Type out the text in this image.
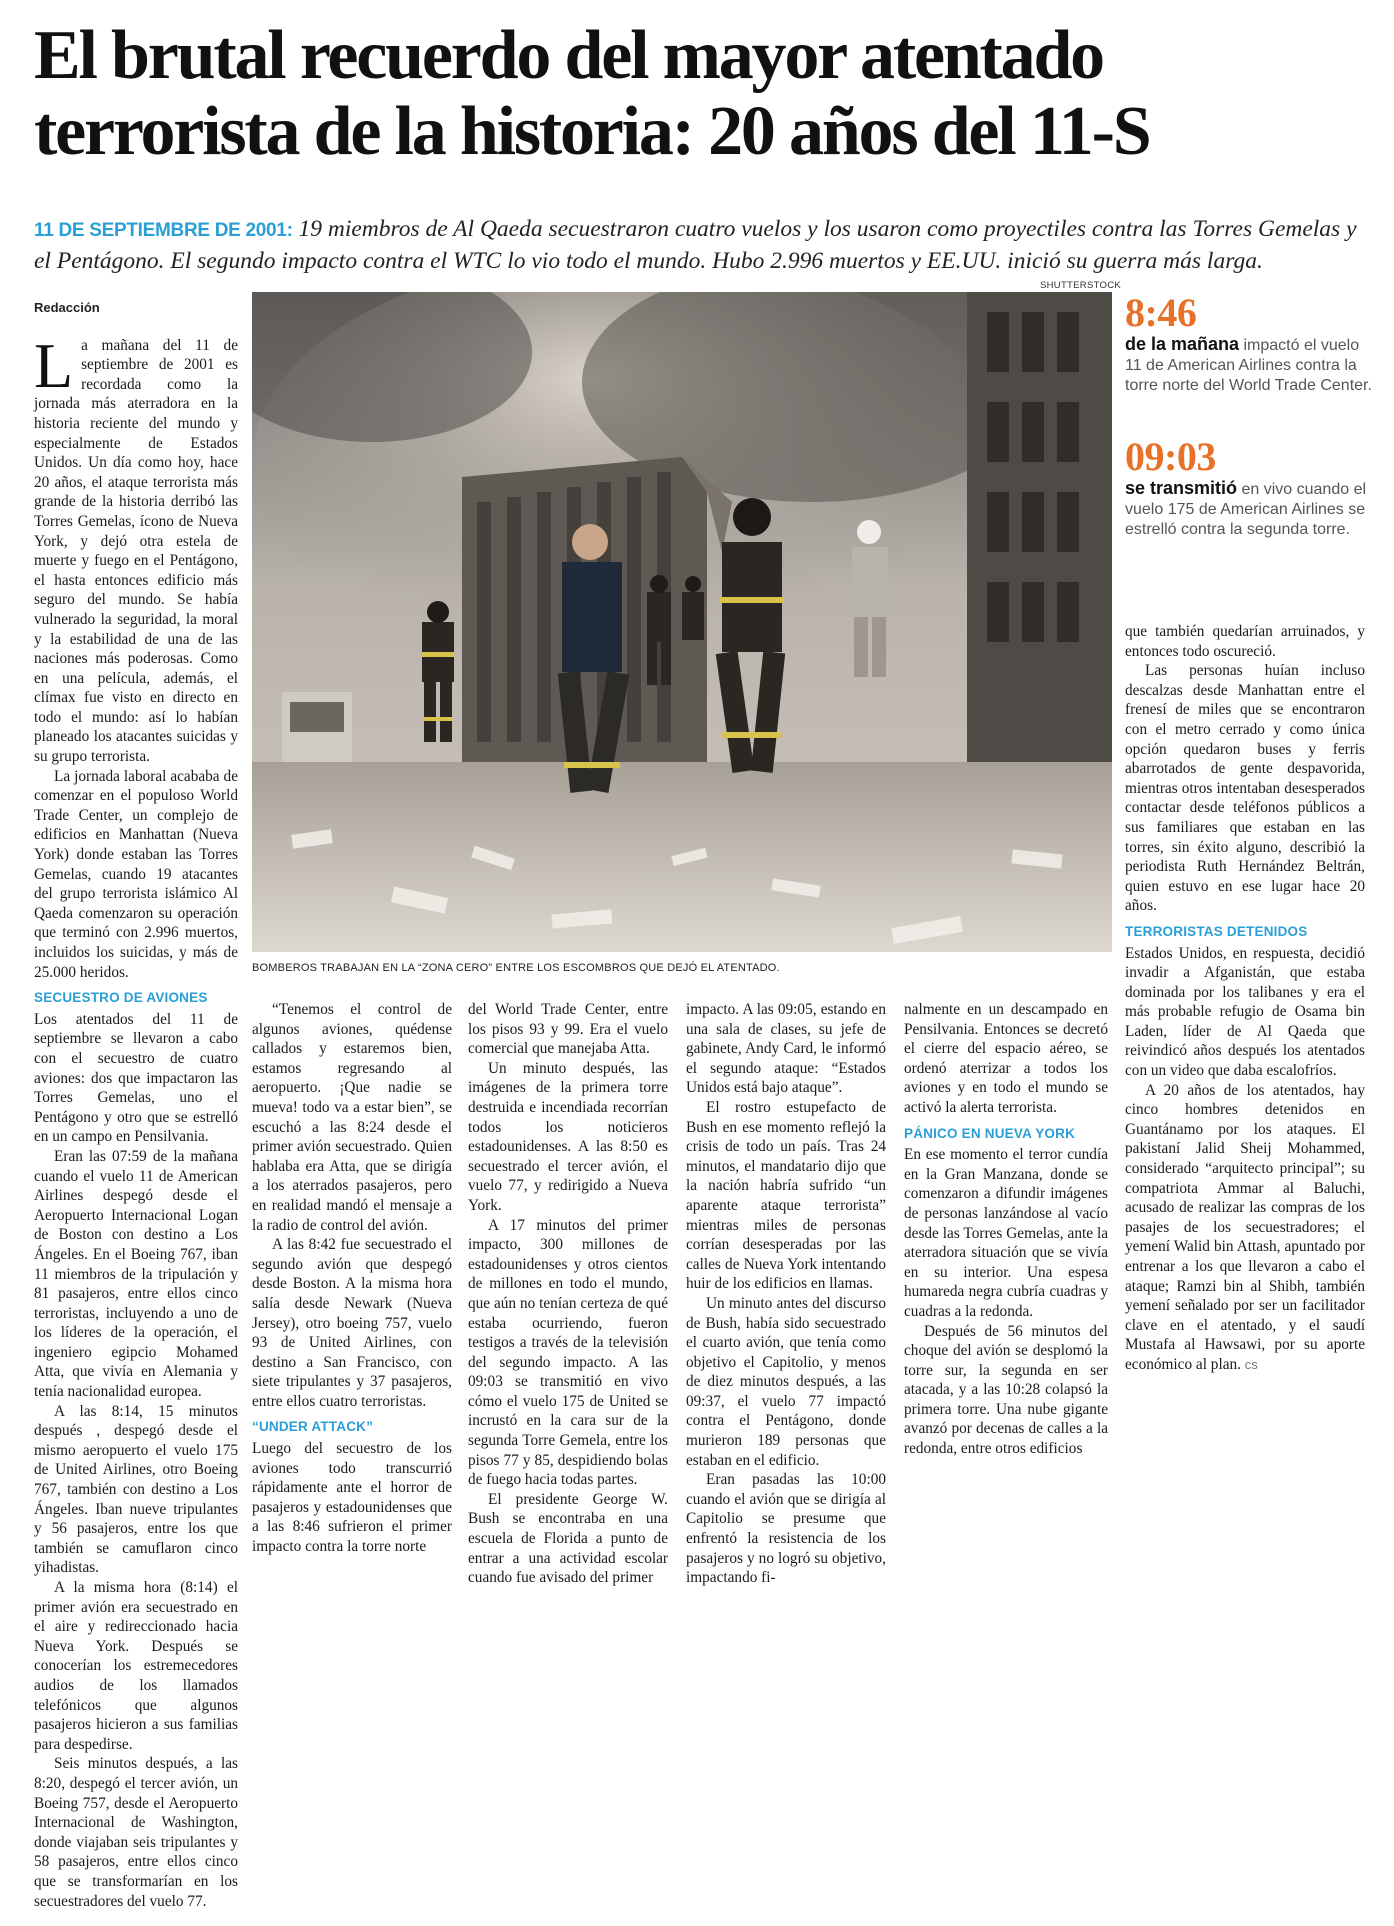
El brutal recuerdo del mayor atentado
terrorista de la historia: 20 años del 11-S

11 DE SEPTIEMBRE DE 2001: 19 miembros de Al Qaeda secuestraron cuatro vuelos y los usaron como proyectiles contra las Torres Gemelas y el Pentágono. El segundo impacto contra el WTC lo vio todo el mundo. Hubo 2.996 muertos y EE.UU. inició su guerra más larga.

SHUTTERSTOCK
BOMBEROS TRABAJAN EN LA “ZONA CERO” ENTRE LOS ESCOMBROS QUE DEJÓ EL ATENTADO.
Redacción

La mañana del 11 de septiembre de 2001 es recordada como la jornada más aterradora en la historia reciente del mundo y especialmente de Estados Unidos. Un día como hoy, hace 20 años, el ataque terrorista más grande de la historia derribó las Torres Gemelas, ícono de Nueva York, y dejó otra estela de muerte y fuego en el Pentágono, el hasta entonces edificio más seguro del mundo. Se había vulnerado la seguridad, la moral y la estabilidad de una de las naciones más poderosas. Como en una película, además, el clímax fue visto en directo en todo el mundo: así lo habían planeado los atacantes suicidas y su grupo terrorista.

La jornada laboral acababa de comenzar en el populoso World Trade Center, un complejo de edificios en Manhattan (Nueva York) donde estaban las Torres Gemelas, cuando 19 atacantes del grupo terrorista islámico Al Qaeda comenzaron su operación que terminó con 2.996 muertos, incluidos los suicidas, y más de 25.000 heridos.

SECUESTRO DE AVIONES

Los atentados del 11 de septiembre se llevaron a cabo con el secuestro de cuatro aviones: dos que impactaron las Torres Gemelas, uno el Pentágono y otro que se estrelló en un campo en Pensilvania.

Eran las 07:59 de la mañana cuando el vuelo 11 de American Airlines despegó desde el Aeropuerto Internacional Logan de Boston con destino a Los Ángeles. En el Boeing 767, iban 11 miembros de la tripulación y 81 pasajeros, entre ellos cinco terroristas, incluyendo a uno de los líderes de la operación, el ingeniero egipcio Mohamed Atta, que vivía en Alemania y tenía nacionalidad europea.

A las 8:14, 15 minutos después , despegó desde el mismo aeropuerto el vuelo 175 de United Airlines, otro Boeing 767, también con destino a Los Ángeles. Iban nueve tripulantes y 56 pasajeros, entre los que también se camuflaron cinco yihadistas.

A la misma hora (8:14) el primer avión era secuestrado en el aire y redireccionado hacia Nueva York. Después se conocerían los estremecedores audios de los llamados telefónicos que algunos pasajeros hicieron a sus familias para despedirse.

Seis minutos después, a las 8:20, despegó el tercer avión, un Boeing 757, desde el Aeropuerto Internacional de Washington, donde viajaban seis tripulantes y 58 pasajeros, entre ellos cinco que se transformarían en los secuestradores del vuelo 77.

“Tenemos el control de algunos aviones, quédense callados y estaremos bien, estamos regresando al aeropuerto. ¡Que nadie se mueva! todo va a estar bien”, se escuchó a las 8:24 desde el primer avión secuestrado. Quien hablaba era Atta, que se dirigía a los aterrados pasajeros, pero en realidad mandó el mensaje a la radio de control del avión.

A las 8:42 fue secuestrado el segundo avión que despegó desde Boston. A la misma hora salía desde Newark (Nueva Jersey), otro boeing 757, vuelo 93 de United Airlines, con destino a San Francisco, con siete tripulantes y 37 pasajeros, entre ellos cuatro terroristas.

“UNDER ATTACK”

Luego del secuestro de los aviones todo transcurrió rápidamente ante el horror de pasajeros y estadounidenses que a las 8:46 sufrieron el primer impacto contra la torre norte

del World Trade Center, entre los pisos 93 y 99. Era el vuelo comercial que manejaba Atta.

Un minuto después, las imágenes de la primera torre destruida e incendiada recorrían todos los noticieros estadounidenses. A las 8:50 es secuestrado el tercer avión, el vuelo 77, y redirigido a Nueva York.

A 17 minutos del primer impacto, 300 millones de estadounidenses y otros cientos de millones en todo el mundo, que aún no tenían certeza de qué estaba ocurriendo, fueron testigos a través de la televisión del segundo impacto. A las 09:03 se transmitió en vivo cómo el vuelo 175 de United se incrustó en la cara sur de la segunda Torre Gemela, entre los pisos 77 y 85, despidiendo bolas de fuego hacia todas partes.

El presidente George W. Bush se encontraba en una escuela de Florida a punto de entrar a una actividad escolar cuando fue avisado del primer

impacto. A las 09:05, estando en una sala de clases, su jefe de gabinete, Andy Card, le informó el segundo ataque: “Estados Unidos está bajo ataque”.

El rostro estupefacto de Bush en ese momento reflejó la crisis de todo un país. Tras 24 minutos, el mandatario dijo que la nación habría sufrido “un aparente ataque terrorista” mientras miles de personas corrían desesperadas por las calles de Nueva York intentando huir de los edificios en llamas.

Un minuto antes del discurso de Bush, había sido secuestrado el cuarto avión, que tenía como objetivo el Capitolio, y menos de diez minutos después, a las 09:37, el vuelo 77 impactó contra el Pentágono, donde murieron 189 personas que estaban en el edificio.

Eran pasadas las 10:00 cuando el avión que se dirigía al Capitolio se presume que enfrentó la resistencia de los pasajeros y no logró su objetivo, impactando fi-

nalmente en un descampado en Pensilvania. Entonces se decretó el cierre del espacio aéreo, se ordenó aterrizar a todos los aviones y en todo el mundo se activó la alerta terrorista.

PÁNICO EN NUEVA YORK

En ese momento el terror cundía en la Gran Manzana, donde se comenzaron a difundir imágenes de personas lanzándose al vacío desde las Torres Gemelas, ante la aterradora situación que se vivía en su interior. Una espesa humareda negra cubría cuadras y cuadras a la redonda.

Después de 56 minutos del choque del avión se desplomó la torre sur, la segunda en ser atacada, y a las 10:28 colapsó la primera torre. Una nube gigante avanzó por decenas de calles a la redonda, entre otros edificios

8:46
de la mañana impactó el vuelo 11 de American Airlines contra la torre norte del World Trade Center.
09:03
se transmitió en vivo cuando el vuelo 175 de American Airlines se estrelló contra la segunda torre.

que también quedarían arruinados, y entonces todo oscureció.

Las personas huían incluso descalzas desde Manhattan entre el frenesí de miles que se encontraron con el metro cerrado y como única opción quedaron buses y ferris abarrotados de gente despavorida, mientras otros intentaban desesperados contactar desde teléfonos públicos a sus familiares que estaban en las torres, sin éxito alguno, describió la periodista Ruth Hernández Beltrán, quien estuvo en ese lugar hace 20 años.

TERRORISTAS DETENIDOS

Estados Unidos, en respuesta, decidió invadir a Afganistán, que estaba dominada por los talibanes y era el más probable refugio de Osama bin Laden, líder de Al Qaeda que reivindicó años después los atentados con un video que daba escalofríos.

A 20 años de los atentados, hay cinco hombres detenidos en Guantánamo por los ataques. El pakistaní Jalid Sheij Mohammed, considerado “arquitecto principal”; su compatriota Ammar al Baluchi, acusado de realizar las compras de los pasajes de los secuestradores; el yemení Walid bin Attash, apuntado por entrenar a los que llevaron a cabo el ataque; Ramzi bin al Shibh, también yemení señalado por ser un facilitador clave en el atentado, y el saudí Mustafa al Hawsawi, por su aporte económico al plan. cs
